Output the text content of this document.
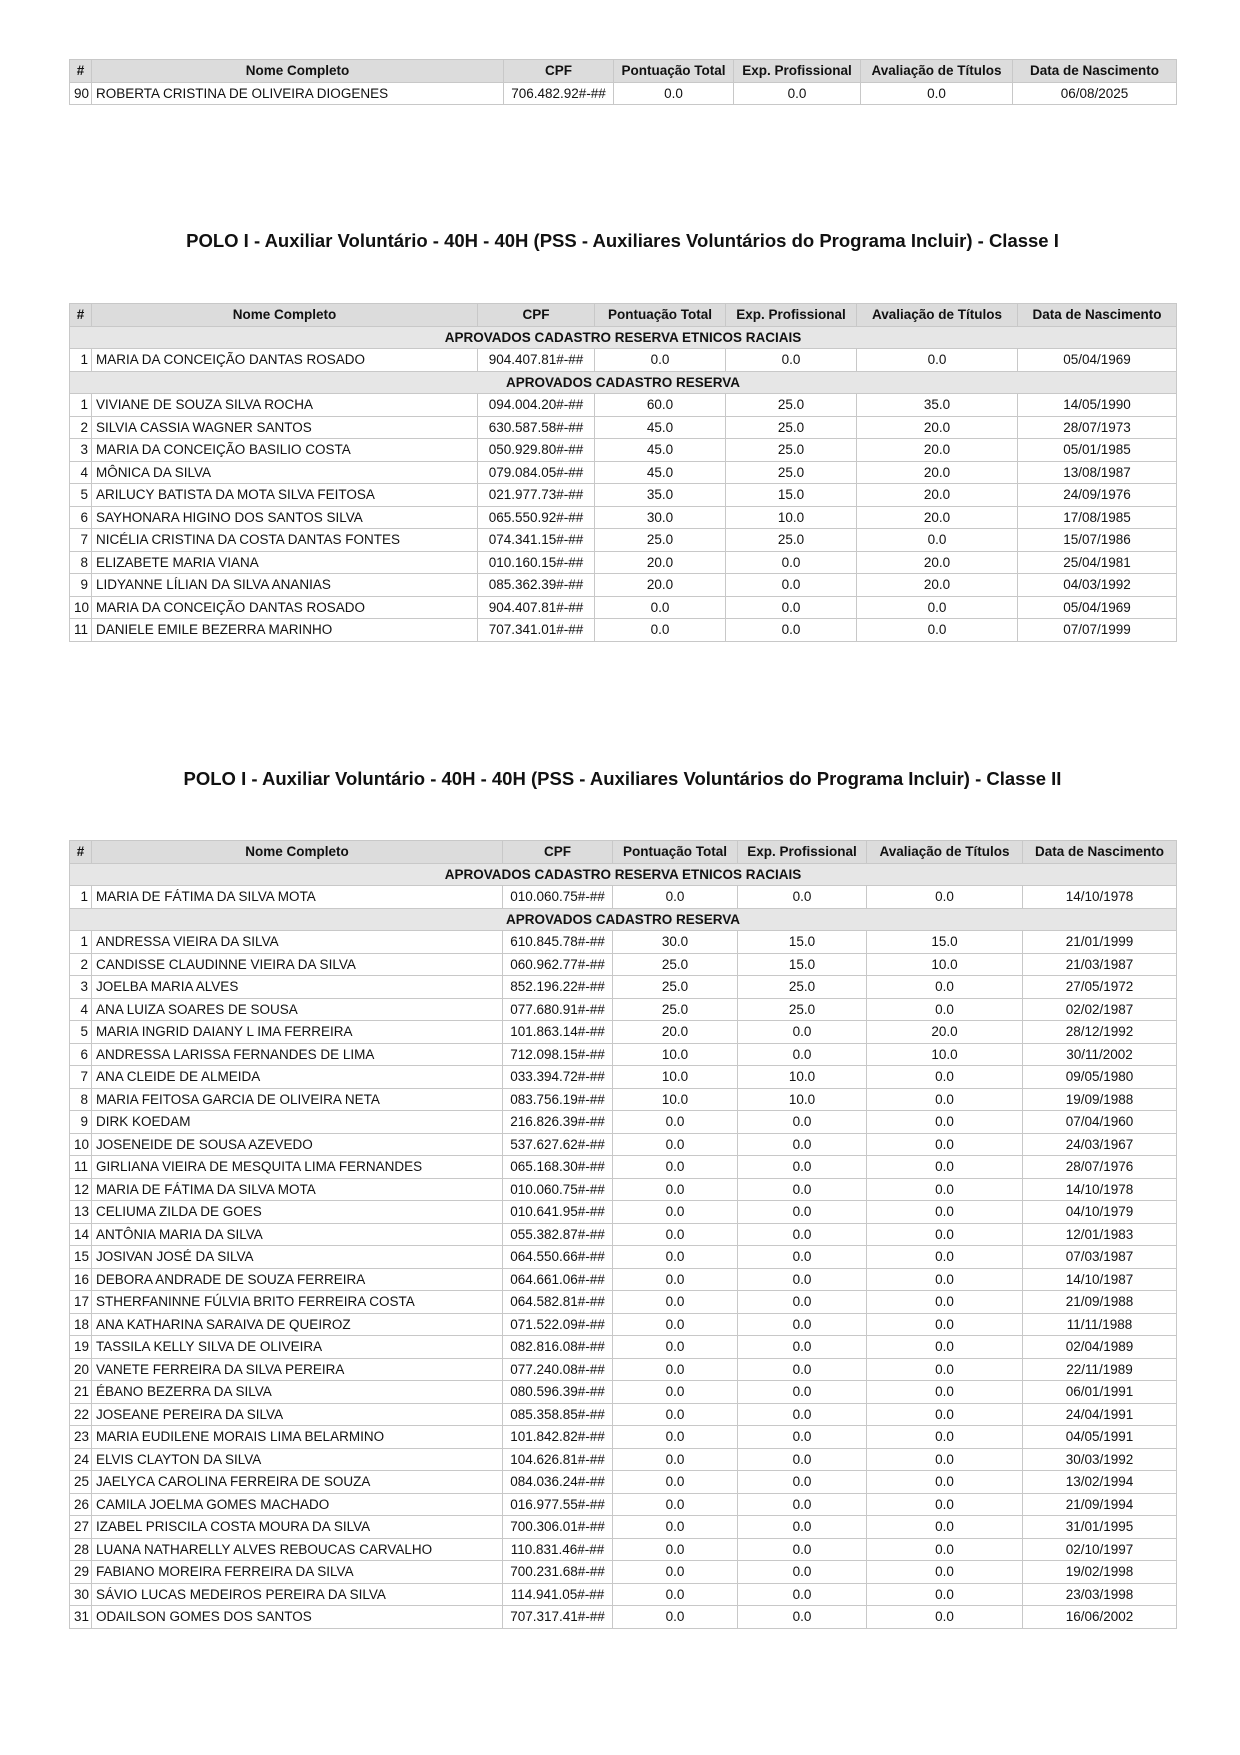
#	Nome Completo	CPF	Pontuação Total	Exp. Profissional	Avaliação de Títulos	Data de Nascimento
90	ROBERTA CRISTINA DE OLIVEIRA DIOGENES	706.482.92#-##	0.0	0.0	0.0	06/08/2025
POLO I - Auxiliar Voluntário - 40H - 40H (PSS - Auxiliares Voluntários do Programa Incluir) - Classe I
#	Nome Completo	CPF	Pontuação Total	Exp. Profissional	Avaliação de Títulos	Data de Nascimento
APROVADOS CADASTRO RESERVA ETNICOS RACIAIS						
1	MARIA DA CONCEIÇÃO DANTAS ROSADO	904.407.81#-##	0.0	0.0	0.0	05/04/1969
APROVADOS CADASTRO RESERVA						
1	VIVIANE DE SOUZA SILVA ROCHA	094.004.20#-##	60.0	25.0	35.0	14/05/1990
2	SILVIA CASSIA WAGNER SANTOS	630.587.58#-##	45.0	25.0	20.0	28/07/1973
3	MARIA DA CONCEIÇÃO BASILIO COSTA	050.929.80#-##	45.0	25.0	20.0	05/01/1985
4	MÔNICA DA SILVA	079.084.05#-##	45.0	25.0	20.0	13/08/1987
5	ARILUCY BATISTA DA MOTA SILVA FEITOSA	021.977.73#-##	35.0	15.0	20.0	24/09/1976
6	SAYHONARA HIGINO DOS SANTOS SILVA	065.550.92#-##	30.0	10.0	20.0	17/08/1985
7	NICÉLIA CRISTINA DA COSTA DANTAS FONTES	074.341.15#-##	25.0	25.0	0.0	15/07/1986
8	ELIZABETE MARIA VIANA	010.160.15#-##	20.0	0.0	20.0	25/04/1981
9	LIDYANNE LÍLIAN DA SILVA ANANIAS	085.362.39#-##	20.0	0.0	20.0	04/03/1992
10	MARIA DA CONCEIÇÃO DANTAS ROSADO	904.407.81#-##	0.0	0.0	0.0	05/04/1969
11	DANIELE EMILE BEZERRA MARINHO	707.341.01#-##	0.0	0.0	0.0	07/07/1999
POLO I - Auxiliar Voluntário - 40H - 40H (PSS - Auxiliares Voluntários do Programa Incluir) - Classe II
#	Nome Completo	CPF	Pontuação Total	Exp. Profissional	Avaliação de Títulos	Data de Nascimento
APROVADOS CADASTRO RESERVA ETNICOS RACIAIS						
1	MARIA DE FÁTIMA DA SILVA MOTA	010.060.75#-##	0.0	0.0	0.0	14/10/1978
APROVADOS CADASTRO RESERVA						
1	ANDRESSA VIEIRA DA SILVA	610.845.78#-##	30.0	15.0	15.0	21/01/1999
2	CANDISSE CLAUDINNE VIEIRA DA SILVA	060.962.77#-##	25.0	15.0	10.0	21/03/1987
3	JOELBA MARIA ALVES	852.196.22#-##	25.0	25.0	0.0	27/05/1972
4	ANA LUIZA SOARES DE SOUSA	077.680.91#-##	25.0	25.0	0.0	02/02/1987
5	MARIA INGRID DAIANY L IMA FERREIRA	101.863.14#-##	20.0	0.0	20.0	28/12/1992
6	ANDRESSA LARISSA FERNANDES DE LIMA	712.098.15#-##	10.0	0.0	10.0	30/11/2002
7	ANA CLEIDE DE ALMEIDA	033.394.72#-##	10.0	10.0	0.0	09/05/1980
8	MARIA FEITOSA GARCIA DE OLIVEIRA NETA	083.756.19#-##	10.0	10.0	0.0	19/09/1988
9	DIRK KOEDAM	216.826.39#-##	0.0	0.0	0.0	07/04/1960
10	JOSENEIDE DE SOUSA AZEVEDO	537.627.62#-##	0.0	0.0	0.0	24/03/1967
11	GIRLIANA VIEIRA DE MESQUITA LIMA FERNANDES	065.168.30#-##	0.0	0.0	0.0	28/07/1976
12	MARIA DE FÁTIMA DA SILVA MOTA	010.060.75#-##	0.0	0.0	0.0	14/10/1978
13	CELIUMA ZILDA DE GOES	010.641.95#-##	0.0	0.0	0.0	04/10/1979
14	ANTÔNIA MARIA DA SILVA	055.382.87#-##	0.0	0.0	0.0	12/01/1983
15	JOSIVAN JOSÉ DA SILVA	064.550.66#-##	0.0	0.0	0.0	07/03/1987
16	DEBORA ANDRADE DE SOUZA FERREIRA	064.661.06#-##	0.0	0.0	0.0	14/10/1987
17	STHERFANINNE FÚLVIA BRITO FERREIRA COSTA	064.582.81#-##	0.0	0.0	0.0	21/09/1988
18	ANA KATHARINA SARAIVA DE QUEIROZ	071.522.09#-##	0.0	0.0	0.0	11/11/1988
19	TASSILA KELLY SILVA DE OLIVEIRA	082.816.08#-##	0.0	0.0	0.0	02/04/1989
20	VANETE FERREIRA DA SILVA PEREIRA	077.240.08#-##	0.0	0.0	0.0	22/11/1989
21	ÉBANO BEZERRA DA SILVA	080.596.39#-##	0.0	0.0	0.0	06/01/1991
22	JOSEANE PEREIRA DA SILVA	085.358.85#-##	0.0	0.0	0.0	24/04/1991
23	MARIA EUDILENE MORAIS LIMA BELARMINO	101.842.82#-##	0.0	0.0	0.0	04/05/1991
24	ELVIS CLAYTON DA SILVA	104.626.81#-##	0.0	0.0	0.0	30/03/1992
25	JAELYCA CAROLINA FERREIRA DE SOUZA	084.036.24#-##	0.0	0.0	0.0	13/02/1994
26	CAMILA JOELMA GOMES MACHADO	016.977.55#-##	0.0	0.0	0.0	21/09/1994
27	IZABEL PRISCILA COSTA MOURA DA SILVA	700.306.01#-##	0.0	0.0	0.0	31/01/1995
28	LUANA NATHARELLY ALVES REBOUCAS CARVALHO	110.831.46#-##	0.0	0.0	0.0	02/10/1997
29	FABIANO MOREIRA FERREIRA DA SILVA	700.231.68#-##	0.0	0.0	0.0	19/02/1998
30	SÁVIO LUCAS MEDEIROS PEREIRA DA SILVA	114.941.05#-##	0.0	0.0	0.0	23/03/1998
31	ODAILSON GOMES DOS SANTOS	707.317.41#-##	0.0	0.0	0.0	16/06/2002
